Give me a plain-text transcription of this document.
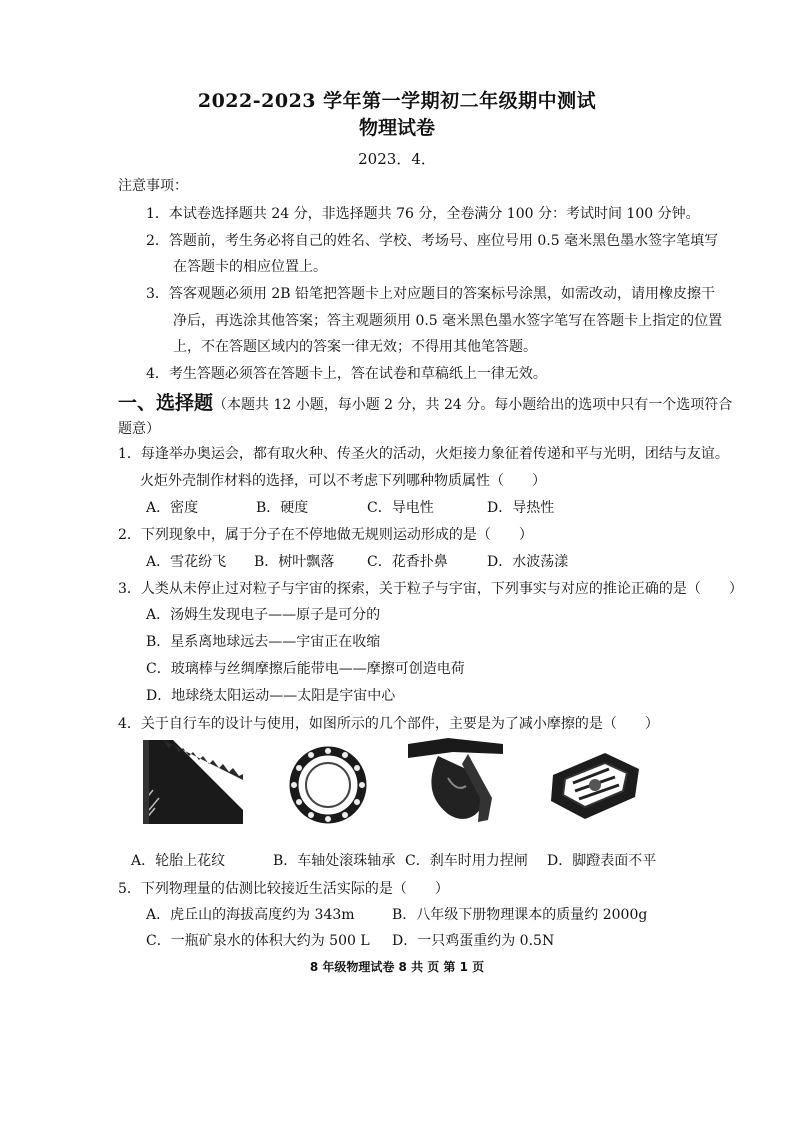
2022-2023 学年第一学期初二年级期中测试
物理试卷
2023．4．
注意事项：
1．本试卷选择题共 24 分，非选择题共 76 分，全卷满分 100 分：考试时间 100 分钟。
2．答题前，考生务必将自己的姓名、学校、考场号、座位号用 0.5 毫米黑色墨水签字笔填写
在答题卡的相应位置上。
3．答客观题必须用 2B 铅笔把答题卡上对应题目的答案标号涂黑，如需改动，请用橡皮擦干
净后，再选涂其他答案；答主观题须用 0.5 毫米黑色墨水签字笔写在答题卡上指定的位置
上，不在答题区域内的答案一律无效；不得用其他笔答题。
4．考生答题必须答在答题卡上，答在试卷和草稿纸上一律无效。
一、选择题（本题共 12 小题，每小题 2 分，共 24 分。每小题给出的选项中只有一个选项符合
题意）
1．每逢举办奥运会，都有取火种、传圣火的活动，火炬接力象征着传递和平与光明，团结与友谊。
火炬外壳制作材料的选择，可以不考虑下列哪种物质属性（　　）
A．密度	B．硬度	C．导电性	D．导热性
2．下列现象中，属于分子在不停地做无规则运动形成的是（　　）
A．雪花纷飞 B．树叶飘落 C．花香扑鼻	D．水波荡漾
3．人类从未停止过对粒子与宇宙的探索，关于粒子与宇宙，下列事实与对应的推论正确的是（　　）
A．汤姆生发现电子——原子是可分的
B．星系离地球远去——宇宙正在收缩
C．玻璃棒与丝绸摩擦后能带电——摩擦可创造电荷
D．地球绕太阳运动——太阳是宇宙中心
4．关于自行车的设计与使用，如图所示的几个部件，主要是为了减小摩擦的是（　　）
A．轮胎上花纹	B．车轴处滚珠轴承 C．刹车时用力捏闸 D．脚蹬表面不平
5．下列物理量的估测比较接近生活实际的是（　　）
A．虎丘山的海拔高度约为 343m	B．八年级下册物理课本的质量约 2000g
C．一瓶矿泉水的体积大约为 500 L D．一只鸡蛋重约为 0.5N
8 年级物理试卷 8 共 页 第 1 页
